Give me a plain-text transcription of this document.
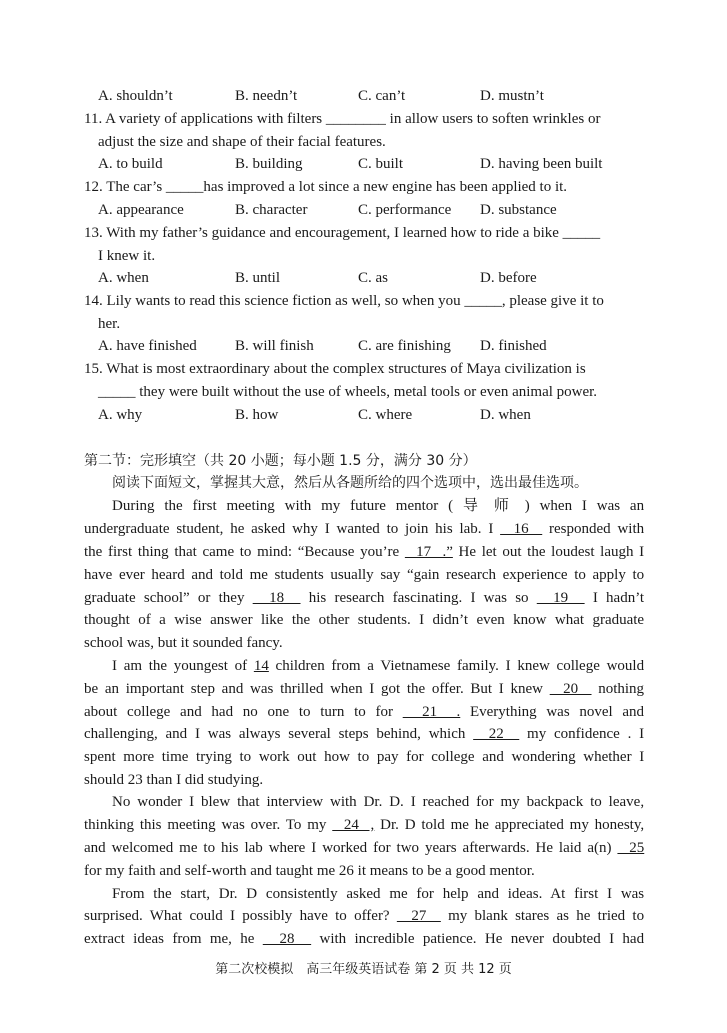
A. shouldn’t	B. needn’t	C. can’t	D. mustn’t
11. A variety of applications with filters ________ in allow users to soften wrinkles or
adjust the size and shape of their facial features.
A. to build	B. building	C. built	D. having been built
12. The car’s _____has improved a lot since a new engine has been applied to it.
A. appearance	B. character	C. performance D. substance
13. With my father’s guidance and encouragement, I learned how to ride a bike _____
I knew it.
A. when	B. until	C. as	D. before
14. Lily wants to read this science fiction as well, so when you _____, please give it to
her.
A. have finished	B. will finish	C. are finishing D. finished
15. What is most extraordinary about the complex structures of Maya civilization is
_____ they were built without the use of wheels, metal tools or even animal power.
A. why	B. how	C. where	D. when
第二节：完形填空（共 20 小题；每小题 1.5 分，满分 30 分）
阅读下面短文，掌握其大意，然后从各题所给的四个选项中，选出最佳选项。
During the first meeting with my future mentor ( 导 师 ) when I was an
undergraduate student, he asked why I wanted to join his lab. I   16   responded with
the first thing that came to mind: “Because you’re   17  .” He let out the loudest laugh I
have ever heard and told me students usually say “gain research experience to apply to
graduate school” or they   18   his research fascinating. I was so   19   I hadn’t
thought of a wise answer like the other students. I didn’t even know what graduate
school was, but it sounded fancy.
I am the youngest of 14 children from a Vietnamese family. I knew college would
be an important step and was thrilled when I got the offer. But I knew   20   nothing
about college and had no one to turn to for   21  . Everything was novel and
challenging, and I was always several steps behind, which   22   my confidence . I
spent more time trying to work out how to pay for college and wondering whether I
should 23 than I did studying.
No wonder I blew that interview with Dr. D. I reached for my backpack to leave,
thinking this meeting was over. To my   24  , Dr. D told me he appreciated my honesty,
and welcomed me to his lab where I worked for two years afterwards. He laid a(n)   25
for my faith and self-worth and taught me 26 it means to be a good mentor.
From the start, Dr. D consistently asked me for help and ideas. At first I was
surprised. What could I possibly have to offer?   27   my blank stares as he tried to
extract ideas from me, he   28   with incredible patience. He never doubted I had
第二次校模拟　高三年级英语试卷 第 2 页 共 12 页
